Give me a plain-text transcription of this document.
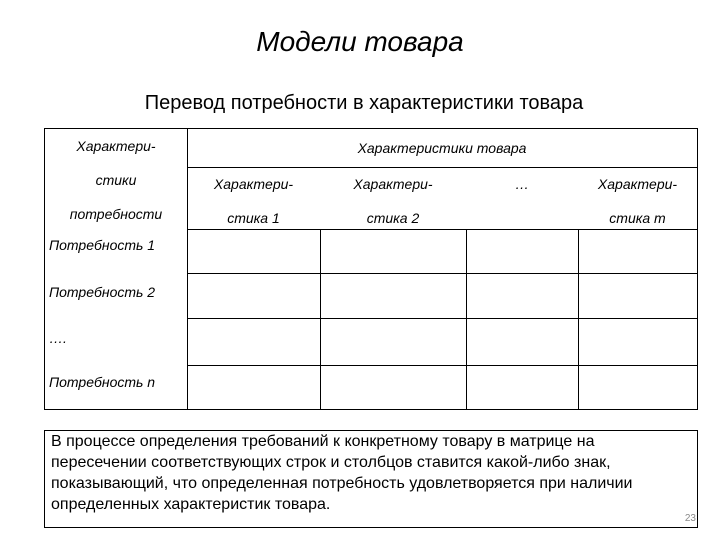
Модели товара
Перевод потребности в характеристики товара
Характери-
стики
потребности
Характеристики товара
Характери-
стика 1
Характери-
стика 2
…	Характери-
стика m
Потребность 1
Потребность 2
….
Потребность n
В процессе определения требований к конкретному товару в матрице на пересечении соответствующих строк и столбцов ставится какой-либо знак, показывающий, что определенная потребность удовлетворяется при наличии определенных характеристик товара.
23
